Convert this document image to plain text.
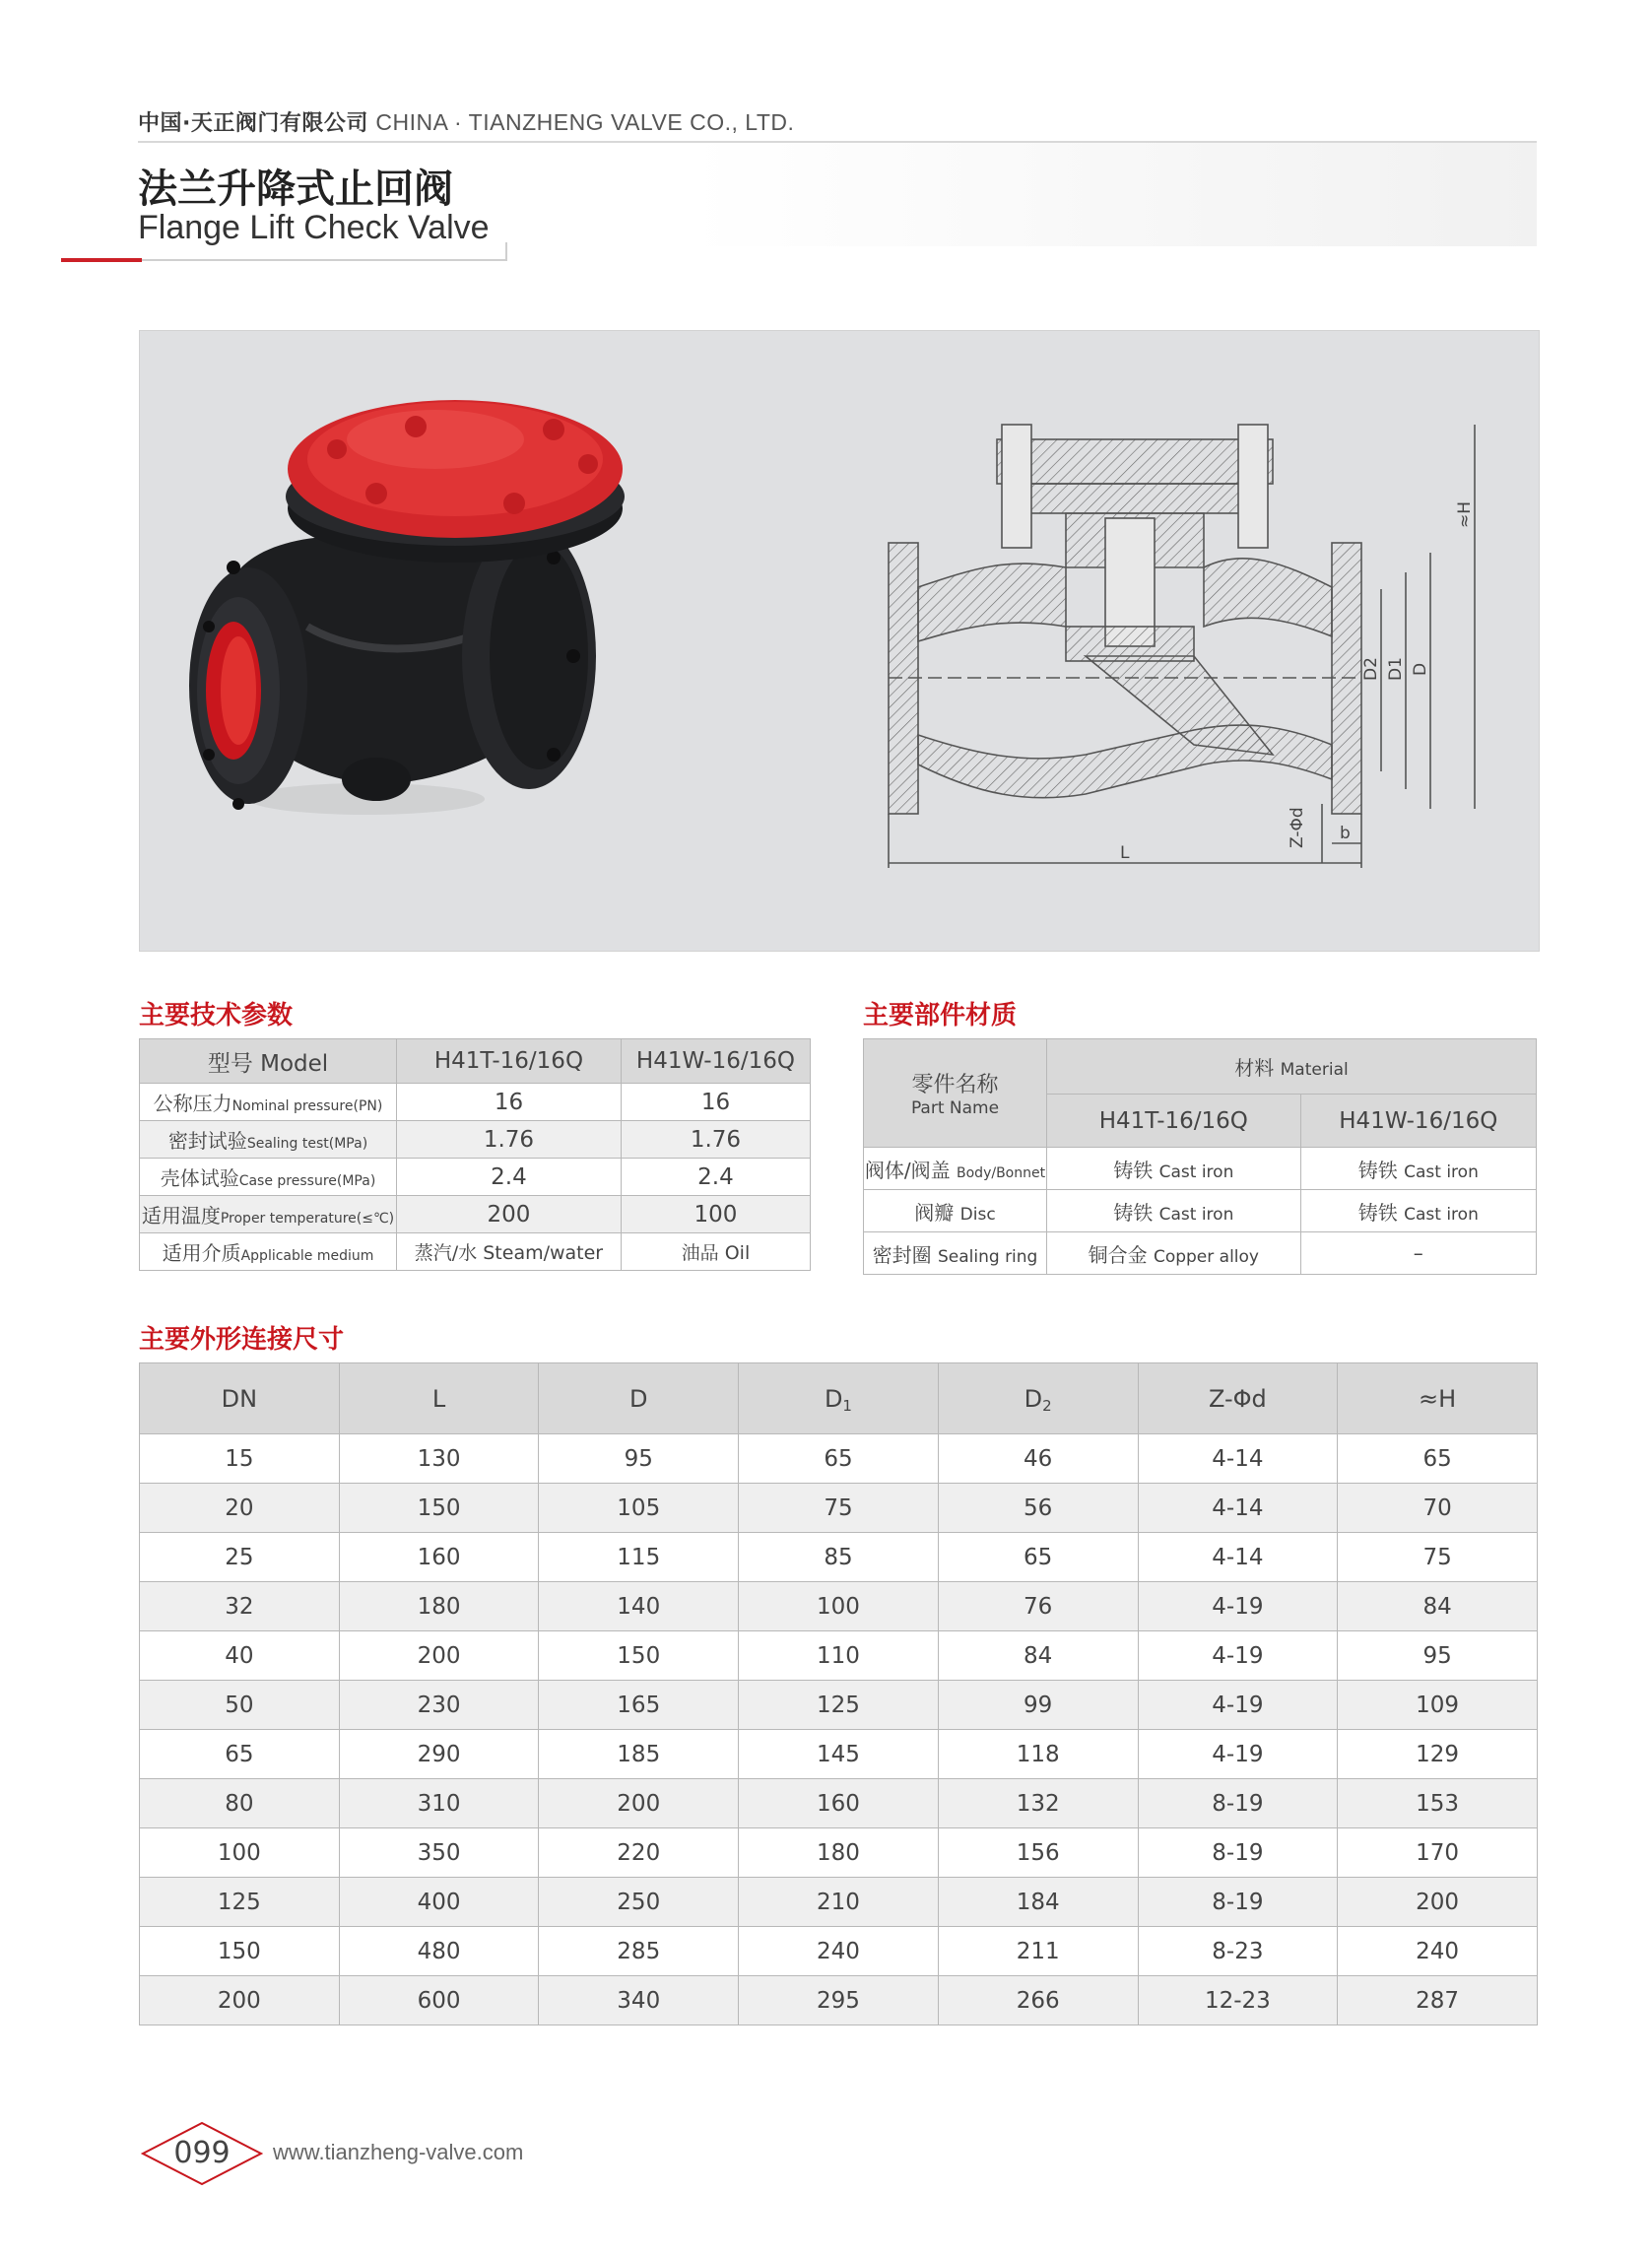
中国·天正阀门有限公司 CHINA · TIANZHENG VALVE CO., LTD.
法兰升降式止回阀
Flange Lift Check Valve
≈H
D
D1
D2
L
b
Z-Φd
主要技术参数
型号 Model	H41T-16/16Q	H41W-16/16Q
公称压力Nominal pressure(PN)	16	16
密封试验Sealing test(MPa)	1.76	1.76
壳体试验Case pressure(MPa)	2.4	2.4
适用温度Proper temperature(≤℃)	200	100
适用介质Applicable medium	蒸汽/水 Steam/water	油品 Oil
主要部件材质
零件名称
Part Name	材料 Material	
	H41T-16/16Q	H41W-16/16Q
阀体/阀盖 Body/Bonnet	铸铁 Cast iron	铸铁 Cast iron
阀瓣 Disc	铸铁 Cast iron	铸铁 Cast iron
密封圈 Sealing ring	铜合金 Copper alloy	–
主要外形连接尺寸
DN	L	D	$D_1$	$D_2$	Z-Φd	≈H
15	130	95	65	46	4-14	65
20	150	105	75	56	4-14	70
25	160	115	85	65	4-14	75
32	180	140	100	76	4-19	84
40	200	150	110	84	4-19	95
50	230	165	125	99	4-19	109
65	290	185	145	118	4-19	129
80	310	200	160	132	8-19	153
100	350	220	180	156	8-19	170
125	400	250	210	184	8-19	200
150	480	285	240	211	8-23	240
200	600	340	295	266	12-23	287
099	www.tianzheng-valve.com
